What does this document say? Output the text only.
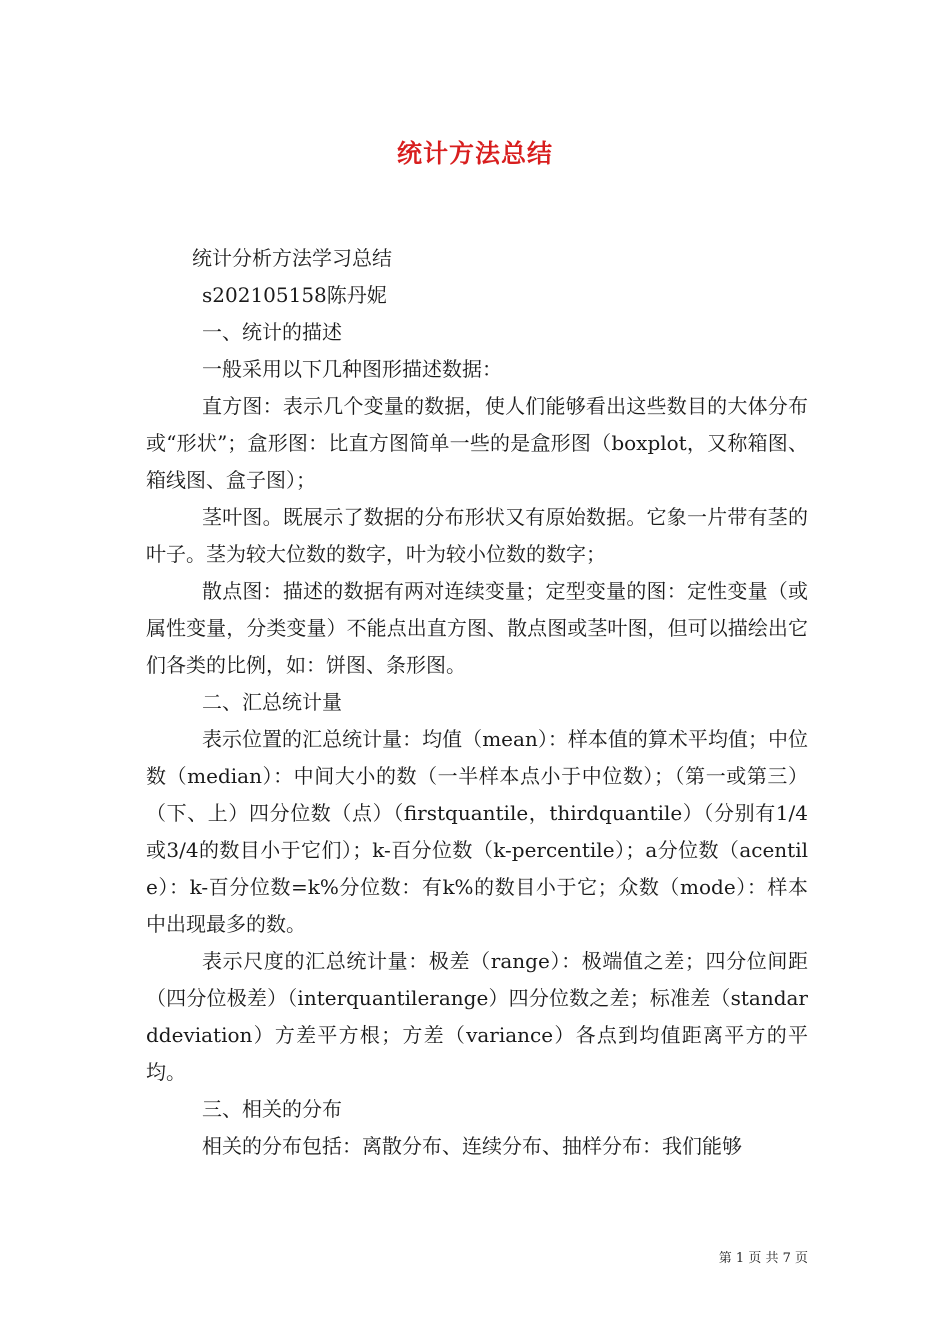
统计方法总结

统计分析方法学习总结

s202105158陈丹妮

一、统计的描述

一般采用以下几种图形描述数据：

直方图：表示几个变量的数据，使人们能够看出这些数目的大体分布或“形状”；盒形图：比直方图简单一些的是盒形图（boxplot，又称箱图、箱线图、盒子图）；

茎叶图。既展示了数据的分布形状又有原始数据。它象一片带有茎的叶子。茎为较大位数的数字，叶为较小位数的数字；

散点图：描述的数据有两对连续变量；定型变量的图：定性变量（或属性变量，分类变量）不能点出直方图、散点图或茎叶图，但可以描绘出它们各类的比例，如：饼图、条形图。

二、汇总统计量

表示位置的汇总统计量：均值（mean）：样本值的算术平均值；中位数（median）：中间大小的数（一半样本点小于中位数）；（第一或第三）（下、上）四分位数（点）（firstquantile，thirdquantile）（分别有1/4或3/4的数目小于它们）；k-百分位数（k-percentile）；a分位数（acentile）：k-百分位数=k%分位数：有k%的数目小于它；众数（mode）：样本中出现最多的数。

表示尺度的汇总统计量：极差（range）：极端值之差；四分位间距（四分位极差）（interquantilerange）四分位数之差；标准差（standarddeviation）方差平方根；方差（variance）各点到均值距离平方的平均。

三、相关的分布

相关的分布包括：离散分布、连续分布、抽样分布：我们能够

第 1 页 共 7 页
